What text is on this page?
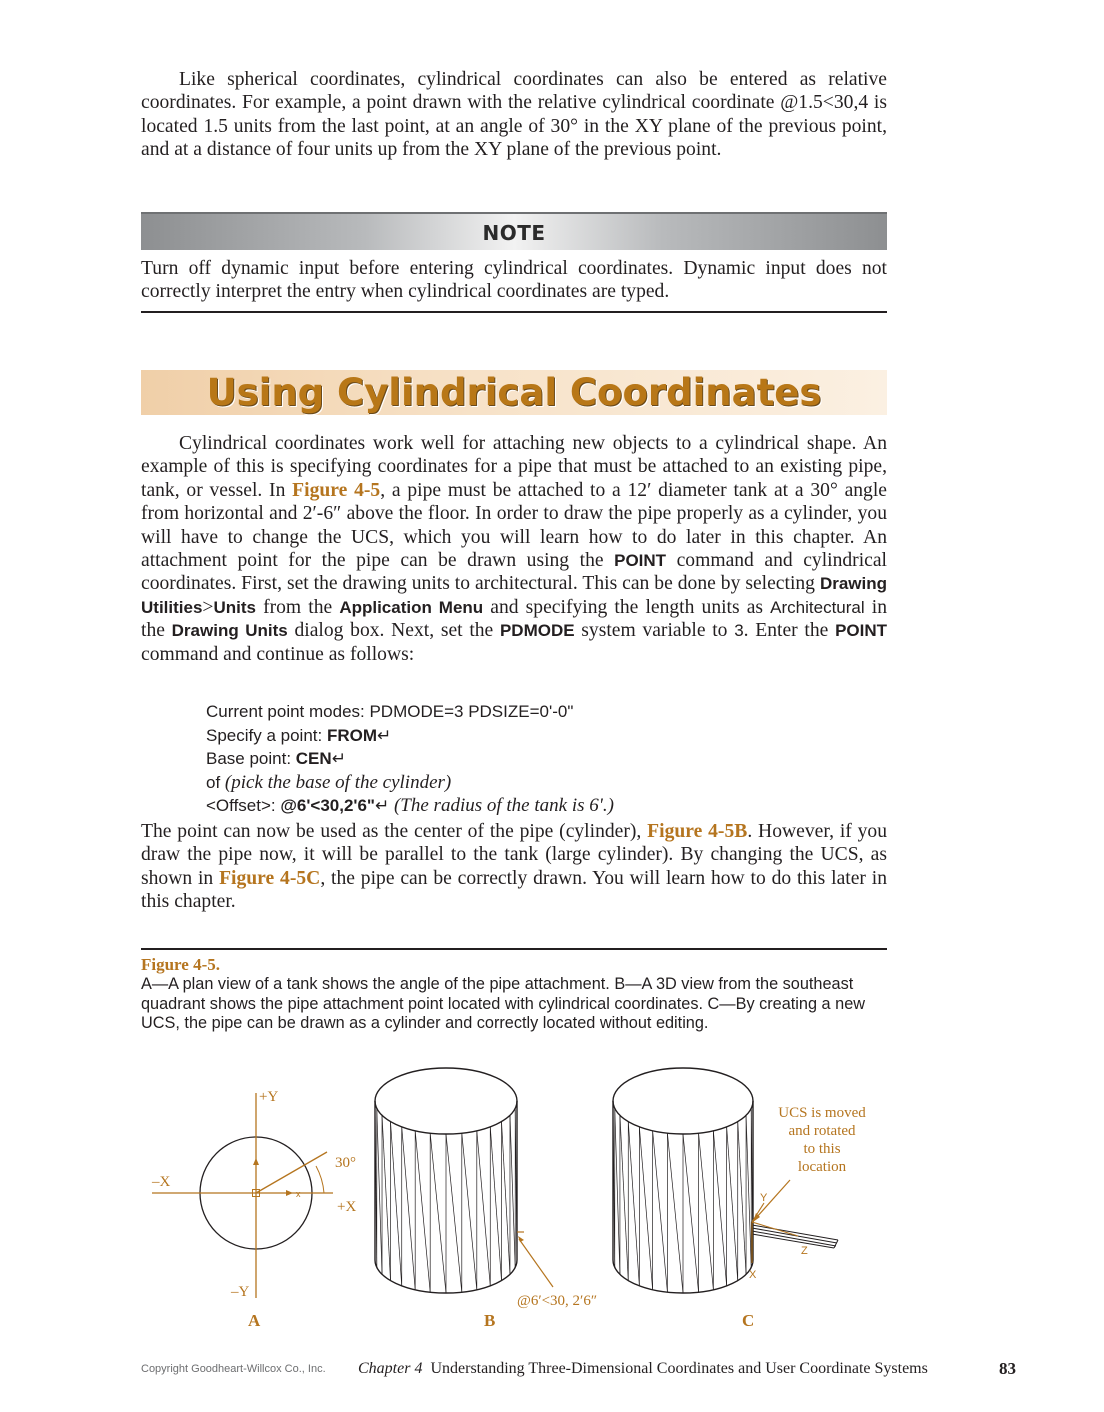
Like spherical coordinates, cylindrical coordinates can also be entered as relative coordinates. For example, a point drawn with the relative cylindrical coordinate @1.5<30,4 is located 1.5 units from the last point, at an angle of 30° in the XY plane of the previous point, and at a distance of four units up from the XY plane of the previous point.

NOTE

Turn off dynamic input before entering cylindrical coordinates. Dynamic input does not correctly interpret the entry when cylindrical coordinates are typed.

Using Cylindrical Coordinates

Cylindrical coordinates work well for attaching new objects to a cylindrical shape. An example of this is specifying coordinates for a pipe that must be attached to an existing pipe, tank, or vessel. In Figure 4-5, a pipe must be attached to a 12′ diameter tank at a 30° angle from horizontal and 2′-6″ above the floor. In order to draw the pipe properly as a cylinder, you will have to change the UCS, which you will learn how to do later in this chapter. An attachment point for the pipe can be drawn using the POINT command and cylindrical coordinates. First, set the drawing units to architectural. This can be done by selecting Drawing Utilities>Units from the Application Menu and specifying the length units as Architectural in the Drawing Units dialog box. Next, set the PDMODE system variable to 3. Enter the POINT command and continue as follows:

Current point modes: PDMODE=3 PDSIZE=0'-0"
Specify a point: FROM↵
Base point: CEN↵
of (pick the base of the cylinder)
<Offset>: @6'<30,2'6"↵ (The radius of the tank is 6'.)

The point can now be used as the center of the pipe (cylinder), Figure 4-5B. However, if you draw the pipe now, it will be parallel to the tank (large cylinder). By changing the UCS, as shown in Figure 4-5C, the pipe can be correctly drawn. You will learn how to do this later in this chapter.

Figure 4-5.
A—A plan view of a tank shows the angle of the pipe attachment. B—A 3D view from the southeast quadrant shows the pipe attachment point located with cylindrical coordinates. C—By creating a new UCS, the pipe can be drawn as a cylinder and correctly located without editing.
x
+Y
–Y
–X
+X
30°
A
@6′<30, 2′6″
B
Y
Z
X
UCS is moved
and rotated
to this
location
C
Copyright Goodheart-Willcox Co., Inc. Chapter 4 Understanding Three-Dimensional Coordinates and User Coordinate Systems	83
